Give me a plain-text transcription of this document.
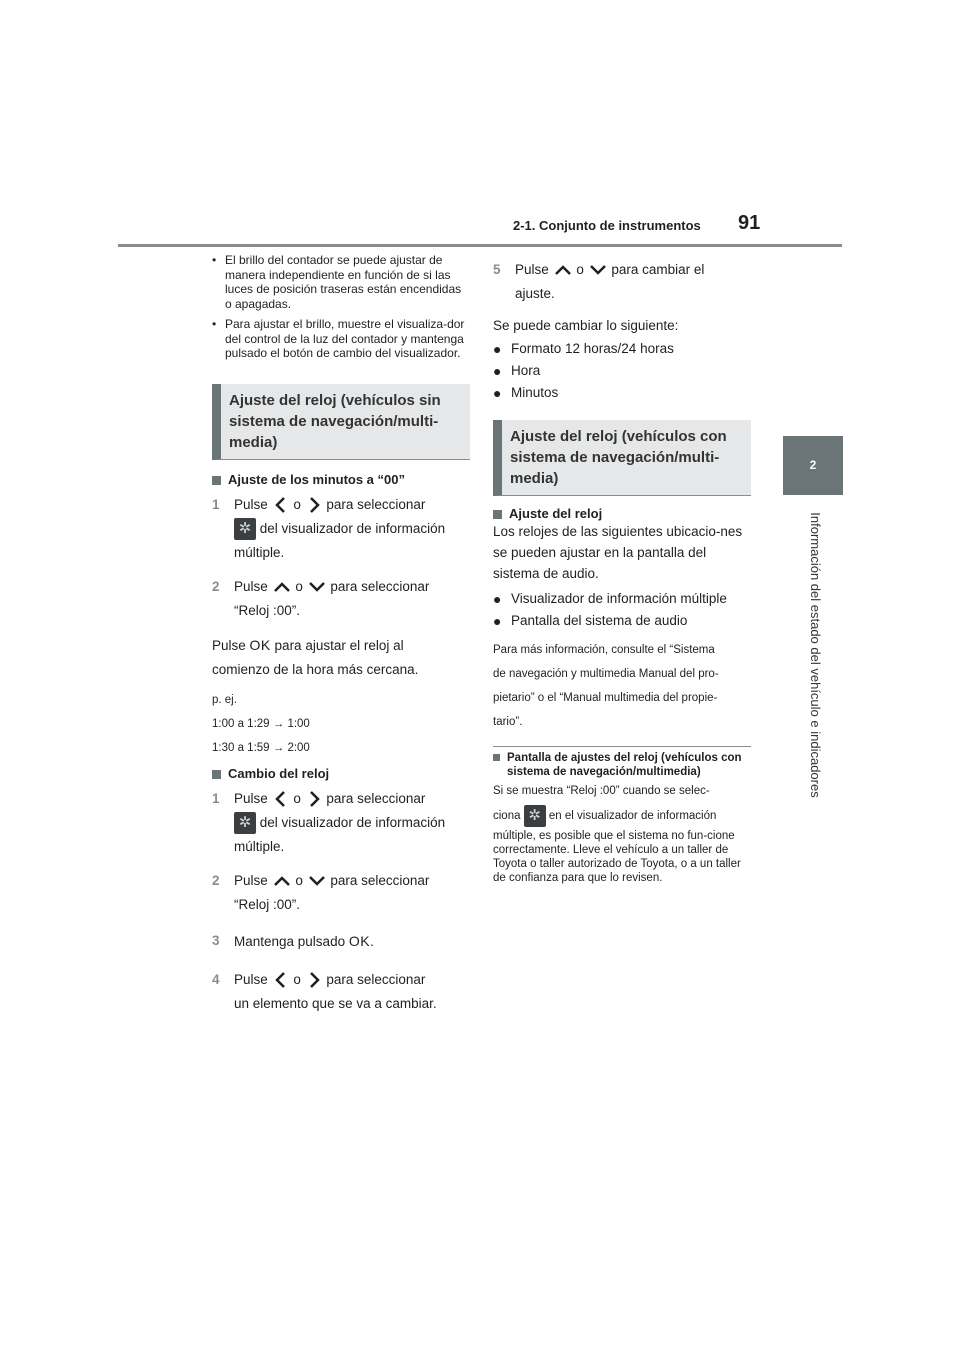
91
2-1. Conjunto de instrumentos
2
Información del estado del vehículo e indicadores

• El brillo del contador se puede ajustar de manera independiente en función de si las luces de posición traseras están encendidas o apagadas.

• Para ajustar el brillo, muestre el visualiza-dor del control de la luz del contador y mantenga pulsado el botón de cambio del visualizador.

Ajuste del reloj (vehículos sin sistema de navegación/multi-media)

Ajuste de los minutos a “00”

1 Pulse o para seleccionar
✲ del visualizador de información
múltiple.

2 Pulse o para seleccionar
“Reloj :00”.

Pulse OK para ajustar el reloj al
comienzo de la hora más cercana.

p. ej.

1:00 a 1:29 → 1:00

1:30 a 1:59 → 2:00

Cambio del reloj

1 Pulse o para seleccionar
✲ del visualizador de información
múltiple.

2 Pulse o para seleccionar
“Reloj :00”.

3 Mantenga pulsado OK.

4 Pulse o para seleccionar
un elemento que se va a cambiar.

5 Pulse o para cambiar el
ajuste.

Se puede cambiar lo siguiente:

● Formato 12 horas/24 horas

● Hora

● Minutos

Ajuste del reloj (vehículos con sistema de navegación/multi-media)

Ajuste del reloj

Los relojes de las siguientes ubicacio-nes se pueden ajustar en la pantalla del sistema de audio.

● Visualizador de información múltiple

● Pantalla del sistema de audio

Para más información, consulte el “Sistema

de navegación y multimedia Manual del pro-

pietario” o el “Manual multimedia del propie-

tario”.

Pantalla de ajustes del reloj (vehículos con sistema de navegación/multimedia)

Si se muestra “Reloj :00” cuando se selec-

ciona ✲ en el visualizador de información

múltiple, es posible que el sistema no fun-cione correctamente. Lleve el vehículo a un taller de Toyota o taller autorizado de Toyota, o a un taller de confianza para que lo revisen.
